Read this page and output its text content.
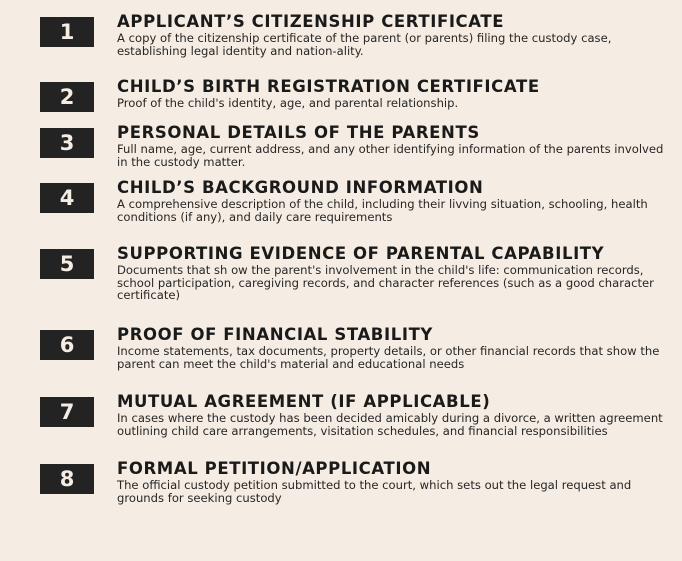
1	APPLICANT’S CITIZENSHIP CERTIFICATE
A copy of the citizenship certificate of the parent (or parents) filing the custody case, establishing legal identity and nation-ality.
2	CHILD’S BIRTH REGISTRATION CERTIFICATE
Proof of the child's identity, age, and parental relationship.
3	PERSONAL DETAILS OF THE PARENTS
Full name, age, current address, and any other identifying information of the parents involved in the custody matter.
4	CHILD’S BACKGROUND INFORMATION
A comprehensive description of the child, including their livving situation, schooling, health conditions (if any), and daily care requirements
5	SUPPORTING EVIDENCE OF PARENTAL CAPABILITY
Documents that sh ow the parent's involvement in the child's life: communication records, school participation, caregiving records, and character references (such as a good character certificate)
6	PROOF OF FINANCIAL STABILITY
Income statements, tax documents, property details, or other financial records that show the parent can meet the child's material and educational needs
7	MUTUAL AGREEMENT (IF APPLICABLE)
In cases where the custody has been decided amicably during a divorce, a written agreement outlining child care arrangements, visitation schedules, and financial responsibilities
8	FORMAL PETITION/APPLICATION
The official custody petition submitted to the court, which sets out the legal request and grounds for seeking custody
